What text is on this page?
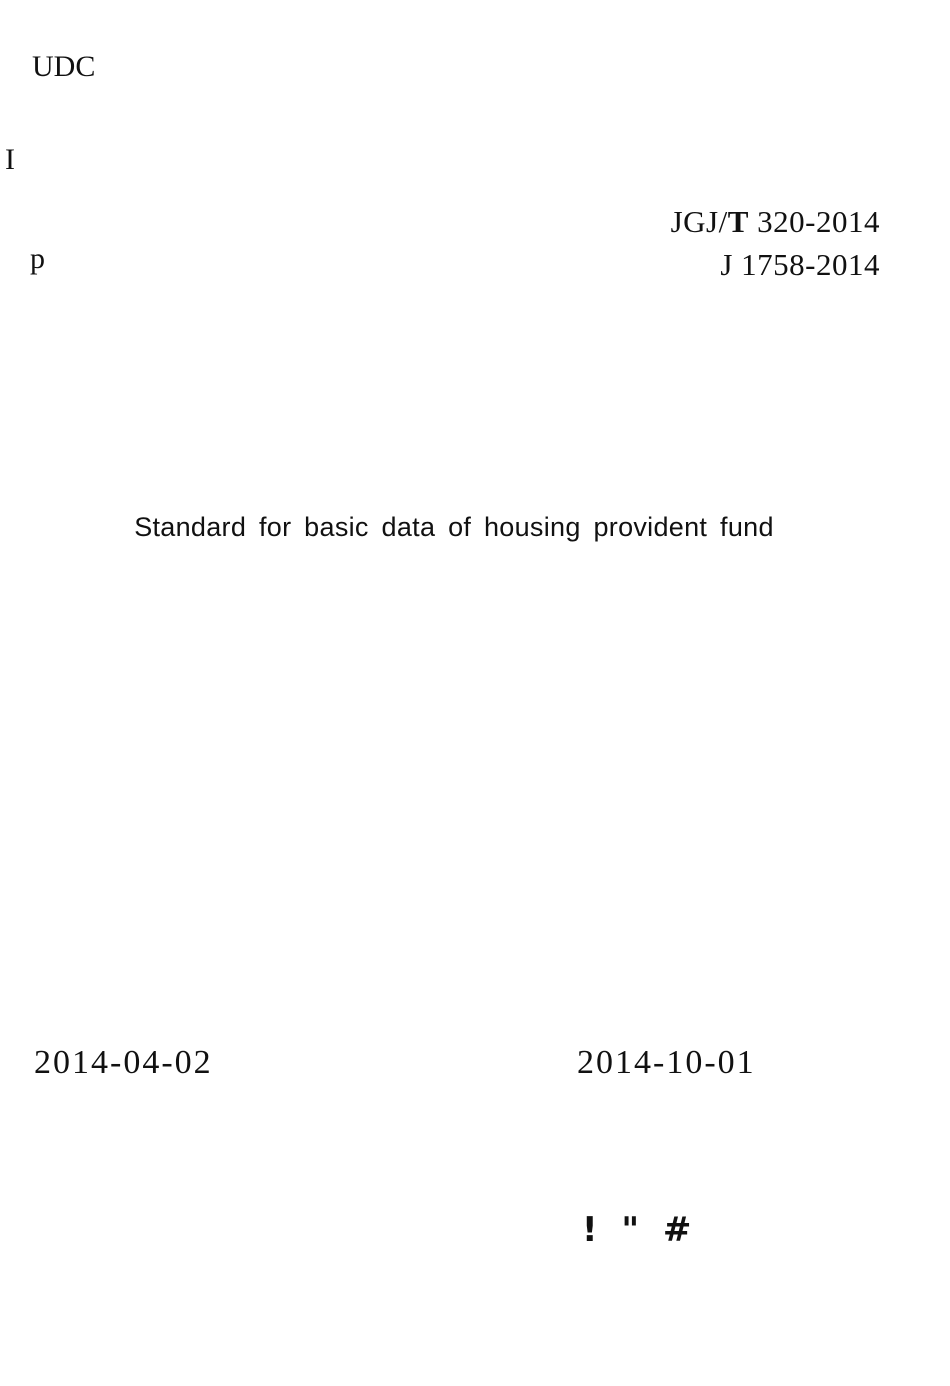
UDC
I
p
JGJ/T 320-2014
J 1758-2014
Standard for basic data of housing provident fund
2014-04-02	2014-10-01
! " #
